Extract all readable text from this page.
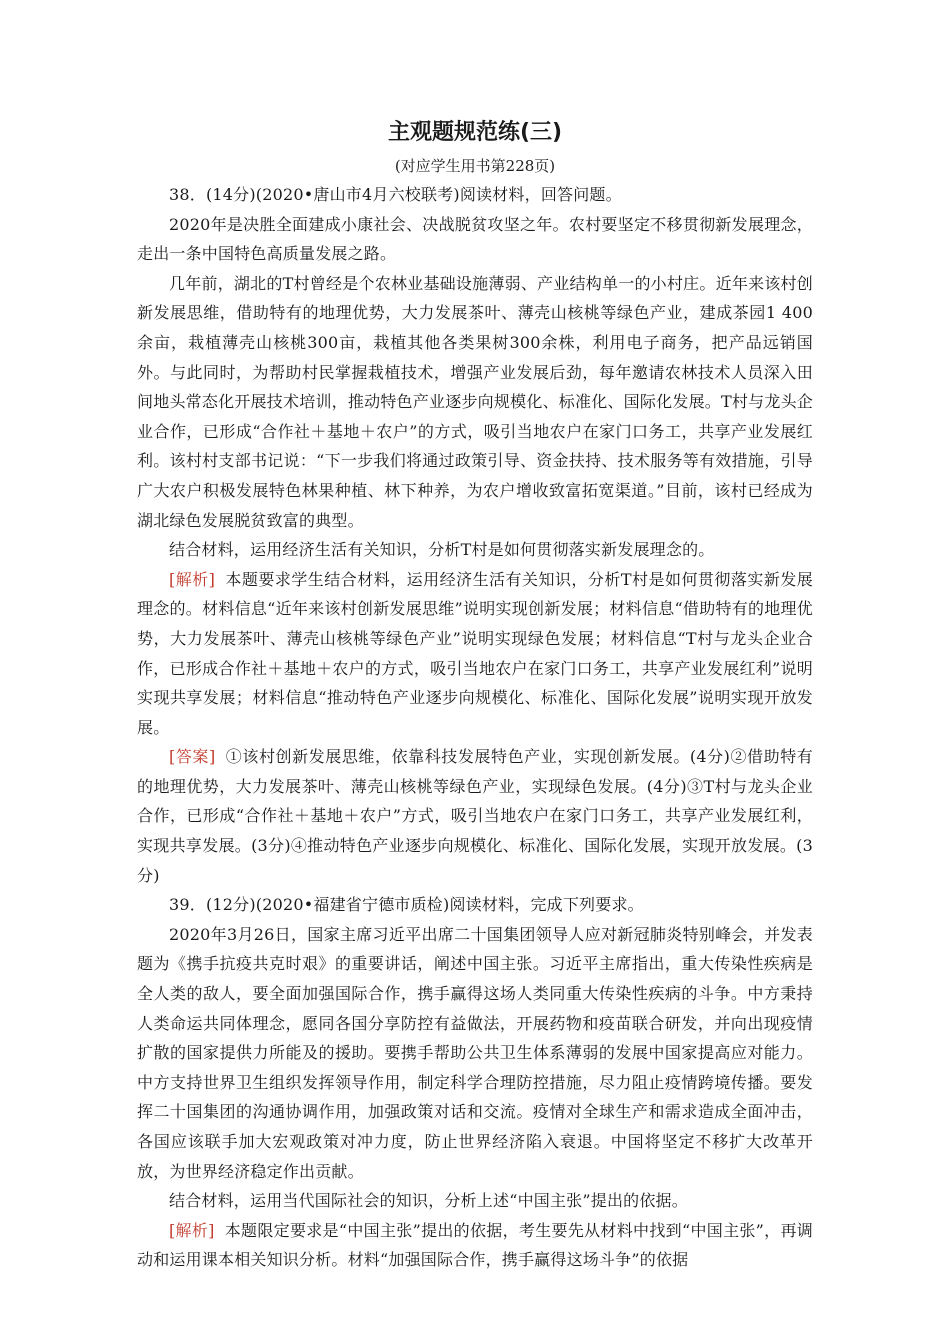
主观题规范练(三)
(对应学生用书第228页)

38．(14分)(2020•唐山市4月六校联考)阅读材料，回答问题。

2020年是决胜全面建成小康社会、决战脱贫攻坚之年。农村要坚定不移贯彻新发展理念，走出一条中国特色高质量发展之路。

几年前，湖北的T村曾经是个农林业基础设施薄弱、产业结构单一的小村庄。近年来该村创新发展思维，借助特有的地理优势，大力发展茶叶、薄壳山核桃等绿色产业，建成茶园1 400余亩，栽植薄壳山核桃300亩，栽植其他各类果树300余株，利用电子商务，把产品远销国外。与此同时，为帮助村民掌握栽植技术，增强产业发展后劲，每年邀请农林技术人员深入田间地头常态化开展技术培训，推动特色产业逐步向规模化、标准化、国际化发展。T村与龙头企业合作，已形成“合作社＋基地＋农户”的方式，吸引当地农户在家门口务工，共享产业发展红利。该村村支部书记说：“下一步我们将通过政策引导、资金扶持、技术服务等有效措施，引导广大农户积极发展特色林果种植、林下种养，为农户增收致富拓宽渠道。”目前，该村已经成为湖北绿色发展脱贫致富的典型。

结合材料，运用经济生活有关知识，分析T村是如何贯彻落实新发展理念的。

[解析] 本题要求学生结合材料，运用经济生活有关知识，分析T村是如何贯彻落实新发展理念的。材料信息“近年来该村创新发展思维”说明实现创新发展；材料信息“借助特有的地理优势，大力发展茶叶、薄壳山核桃等绿色产业”说明实现绿色发展；材料信息“T村与龙头企业合作，已形成合作社＋基地＋农户的方式，吸引当地农户在家门口务工，共享产业发展红利”说明实现共享发展；材料信息“推动特色产业逐步向规模化、标准化、国际化发展”说明实现开放发展。

[答案] ①该村创新发展思维，依靠科技发展特色产业，实现创新发展。(4分)②借助特有的地理优势，大力发展茶叶、薄壳山核桃等绿色产业，实现绿色发展。(4分)③T村与龙头企业合作，已形成“合作社＋基地＋农户”方式，吸引当地农户在家门口务工，共享产业发展红利，实现共享发展。(3分)④推动特色产业逐步向规模化、标准化、国际化发展，实现开放发展。(3分)

39．(12分)(2020•福建省宁德市质检)阅读材料，完成下列要求。

2020年3月26日，国家主席习近平出席二十国集团领导人应对新冠肺炎特别峰会，并发表题为《携手抗疫共克时艰》的重要讲话，阐述中国主张。习近平主席指出，重大传染性疾病是全人类的敌人，要全面加强国际合作，携手赢得这场人类同重大传染性疾病的斗争。中方秉持人类命运共同体理念，愿同各国分享防控有益做法，开展药物和疫苗联合研发，并向出现疫情扩散的国家提供力所能及的援助。要携手帮助公共卫生体系薄弱的发展中国家提高应对能力。中方支持世界卫生组织发挥领导作用，制定科学合理防控措施，尽力阻止疫情跨境传播。要发挥二十国集团的沟通协调作用，加强政策对话和交流。疫情对全球生产和需求造成全面冲击，各国应该联手加大宏观政策对冲力度，防止世界经济陷入衰退。中国将坚定不移扩大改革开放，为世界经济稳定作出贡献。

结合材料，运用当代国际社会的知识，分析上述“中国主张”提出的依据。

[解析] 本题限定要求是“中国主张”提出的依据，考生要先从材料中找到“中国主张”，再调动和运用课本相关知识分析。材料“加强国际合作，携手赢得这场斗争”的依据
